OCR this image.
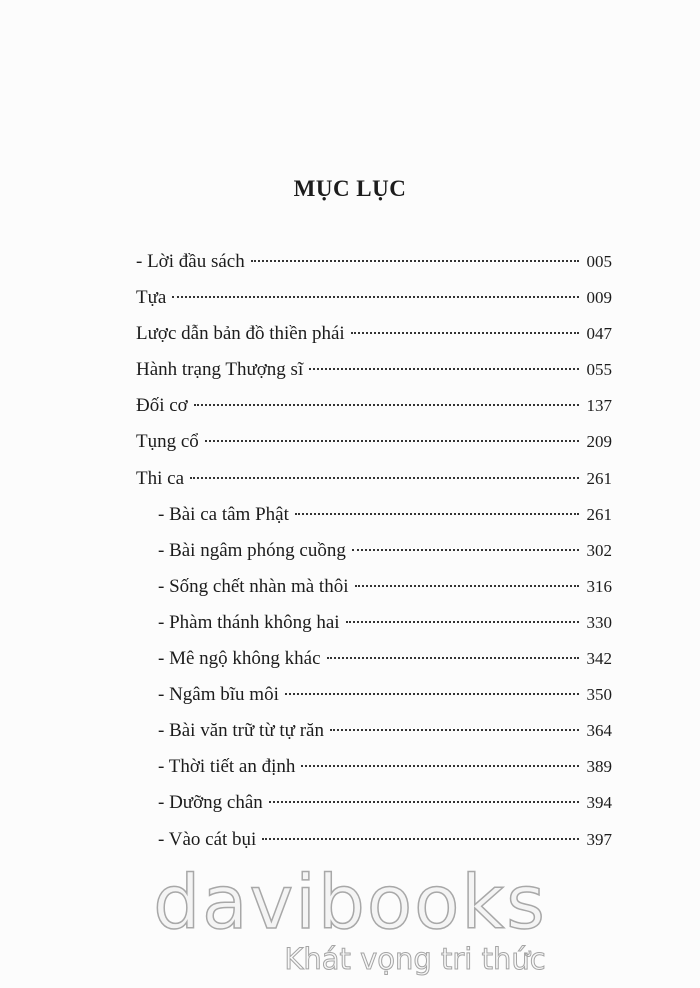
MỤC LỤC
- Lời đầu sách	005
Tựa	009
Lược dẫn bản đồ thiền phái	047
Hành trạng Thượng sĩ	055
Đối cơ	137
Tụng cổ	209
Thi ca	261
- Bài ca tâm Phật	261
- Bài ngâm phóng cuồng	302
- Sống chết nhàn mà thôi	316
- Phàm thánh không hai	330
- Mê ngộ không khác	342
- Ngâm bĩu môi	350
- Bài văn trữ từ tự răn	364
- Thời tiết an định	389
- Dưỡng chân	394
- Vào cát bụi	397
davibooks
Khát vọng tri thức
